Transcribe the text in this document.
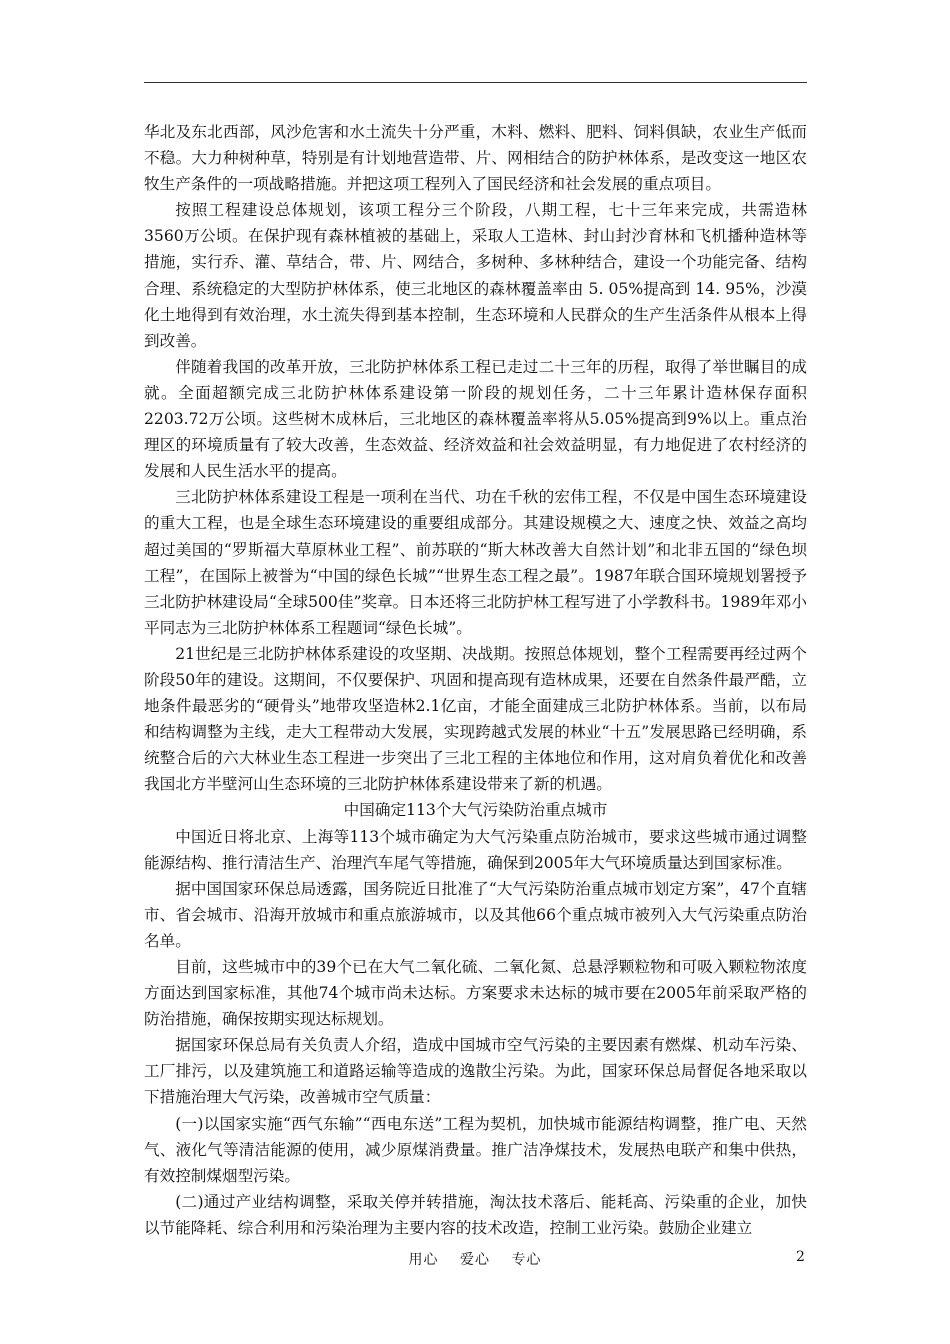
华北及东北西部，风沙危害和水土流失十分严重，木料、燃料、肥料、饲料俱缺，农业生产低而不稳。大力种树种草，特别是有计划地营造带、片、网相结合的防护林体系，是改变这一地区农牧生产条件的一项战略措施。并把这项工程列入了国民经济和社会发展的重点项目。

按照工程建设总体规划，该项工程分三个阶段，八期工程，七十三年来完成，共需造林3560万公顷。在保护现有森林植被的基础上，采取人工造林、封山封沙育林和飞机播种造林等措施，实行乔、灌、草结合，带、片、网结合，多树种、多林种结合，建设一个功能完备、结构合理、系统稳定的大型防护林体系，使三北地区的森林覆盖率由 5. 05%提高到 14. 95%，沙漠化土地得到有效治理，水土流失得到基本控制，生态环境和人民群众的生产生活条件从根本上得到改善。

伴随着我国的改革开放，三北防护林体系工程已走过二十三年的历程，取得了举世瞩目的成就。全面超额完成三北防护林体系建设第一阶段的规划任务，二十三年累计造林保存面积2203.72万公顷。这些树木成林后，三北地区的森林覆盖率将从5.05%提高到9%以上。重点治理区的环境质量有了较大改善，生态效益、经济效益和社会效益明显，有力地促进了农村经济的发展和人民生活水平的提高。

三北防护林体系建设工程是一项利在当代、功在千秋的宏伟工程，不仅是中国生态环境建设的重大工程，也是全球生态环境建设的重要组成部分。其建设规模之大、速度之快、效益之高均超过美国的“罗斯福大草原林业工程”、前苏联的“斯大林改善大自然计划”和北非五国的“绿色坝工程”，在国际上被誉为“中国的绿色长城”“世界生态工程之最”。1987年联合国环境规划署授予三北防护林建设局“全球500佳”奖章。日本还将三北防护林工程写进了小学教科书。1989年邓小平同志为三北防护林体系工程题词“绿色长城”。

21世纪是三北防护林体系建设的攻坚期、决战期。按照总体规划，整个工程需要再经过两个阶段50年的建设。这期间，不仅要保护、巩固和提高现有造林成果，还要在自然条件最严酷，立地条件最恶劣的“硬骨头”地带攻坚造林2.1亿亩，才能全面建成三北防护林体系。当前，以布局和结构调整为主线，走大工程带动大发展，实现跨越式发展的林业“十五”发展思路已经明确，系统整合后的六大林业生态工程进一步突出了三北工程的主体地位和作用，这对肩负着优化和改善我国北方半壁河山生态环境的三北防护林体系建设带来了新的机遇。

中国确定113个大气污染防治重点城市

中国近日将北京、上海等113个城市确定为大气污染重点防治城市，要求这些城市通过调整能源结构、推行清洁生产、治理汽车尾气等措施，确保到2005年大气环境质量达到国家标准。

据中国国家环保总局透露，国务院近日批准了“大气污染防治重点城市划定方案”，47个直辖市、省会城市、沿海开放城市和重点旅游城市，以及其他66个重点城市被列入大气污染重点防治名单。

目前，这些城市中的39个已在大气二氧化硫、二氧化氮、总悬浮颗粒物和可吸入颗粒物浓度方面达到国家标准，其他74个城市尚未达标。方案要求未达标的城市要在2005年前采取严格的防治措施，确保按期实现达标规划。

据国家环保总局有关负责人介绍，造成中国城市空气污染的主要因素有燃煤、机动车污染、工厂排污，以及建筑施工和道路运输等造成的逸散尘污染。为此，国家环保总局督促各地采取以下措施治理大气污染，改善城市空气质量：

(一)以国家实施“西气东输”“西电东送”工程为契机，加快城市能源结构调整，推广电、天然气、液化气等清洁能源的使用，减少原煤消费量。推广洁净煤技术，发展热电联产和集中供热，有效控制煤烟型污染。

(二)通过产业结构调整，采取关停并转措施，淘汰技术落后、能耗高、污染重的企业，加快以节能降耗、综合利用和污染治理为主要内容的技术改造，控制工业污染。鼓励企业建立

用心 爱心 专心	2
